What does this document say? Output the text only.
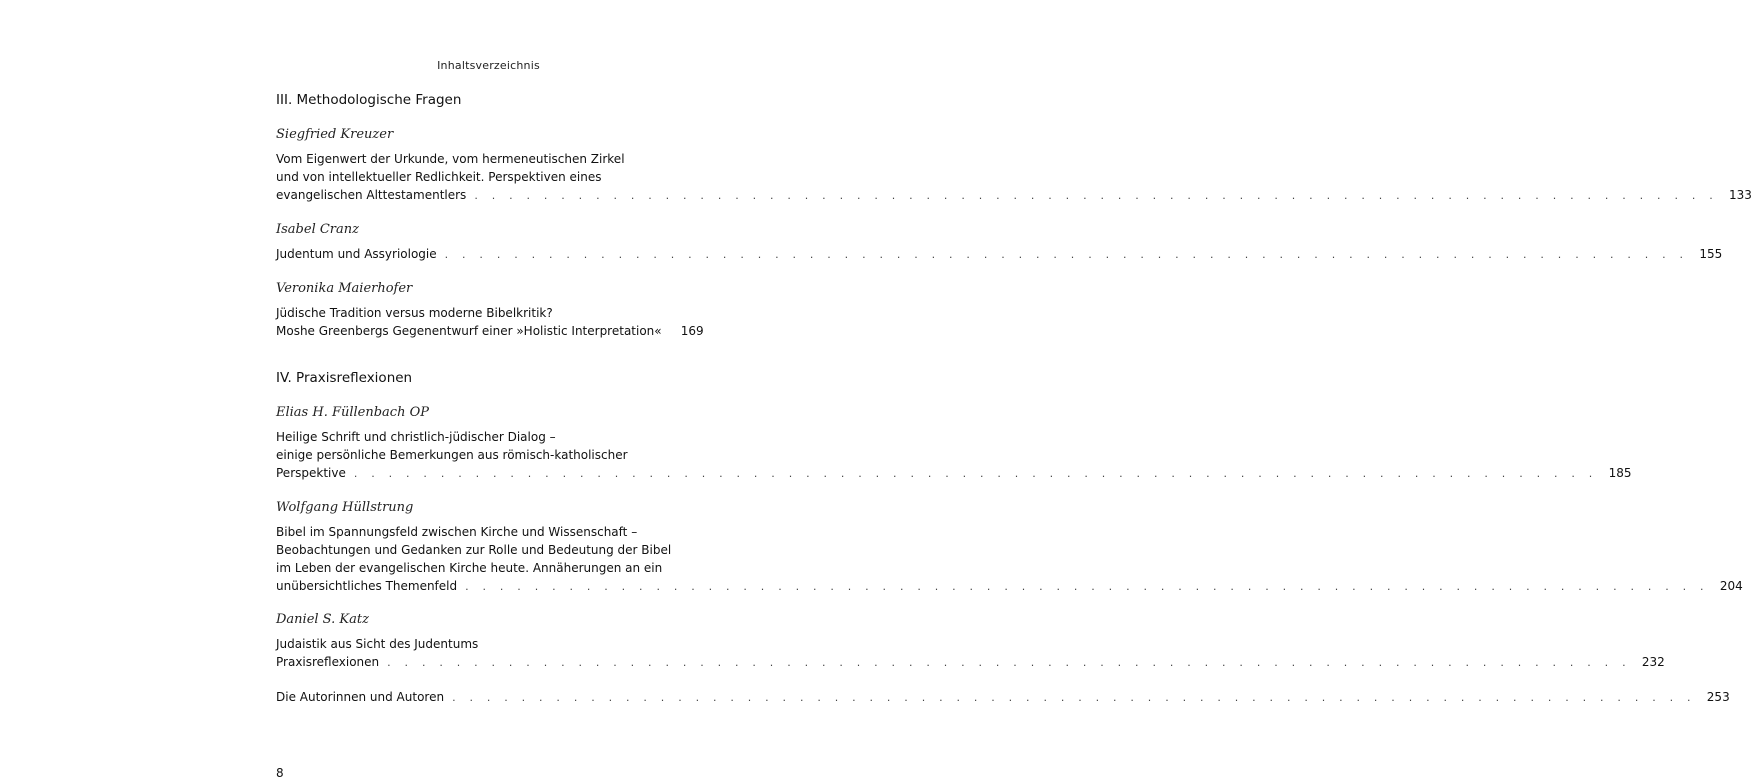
Inhaltsverzeichnis
III. Methodologische Fragen
Siegfried Kreuzer
Vom Eigenwert der Urkunde, vom hermeneutischen Zirkel
und von intellektueller Redlichkeit. Perspektiven eines
evangelischen Alttestamentlers . . .	133
Isabel Cranz
Judentum und Assyriologie . . .	155
Veronika Maierhofer
Jüdische Tradition versus moderne Bibelkritik?
Moshe Greenbergs Gegenentwurf einer »Holistic Interpretation«	169
IV. Praxisreflexionen
Elias H. Füllenbach OP
Heilige Schrift und christlich-jüdischer Dialog –
einige persönliche Bemerkungen aus römisch-katholischer
Perspektive . . .	185
Wolfgang Hüllstrung
Bibel im Spannungsfeld zwischen Kirche und Wissenschaft –
Beobachtungen und Gedanken zur Rolle und Bedeutung der Bibel
im Leben der evangelischen Kirche heute. Annäherungen an ein
unübersichtliches Themenfeld . . .	204
Daniel S. Katz
Judaistik aus Sicht des Judentums
Praxisreflexionen . . .	232
Die Autorinnen und Autoren . . .	253
8
